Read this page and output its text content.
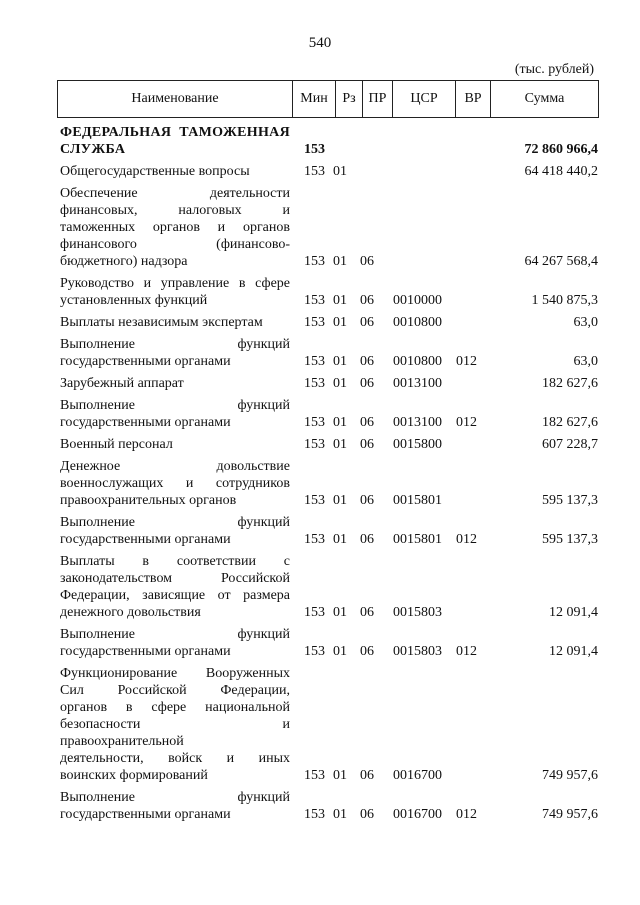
540
(тыс. рублей)
Наименование	Мин	Рз ПР	ЦСР	ВР	Сумма
ФЕДЕРАЛЬНАЯ ТАМОЖЕННАЯ
СЛУЖБА	153	72 860 966,4
Общегосударственные вопросы	153 01	64 418 440,2
Обеспечение деятельности
финансовых, налоговых и
таможенных органов и органов
финансового (финансово-
бюджетного) надзора	153 01 06	64 267 568,4
Руководство и управление в сфере
установленных функций	153 01 06	0010000	1 540 875,3
Выплаты независимым экспертам	153 01 06	0010800	63,0
Выполнение функций
государственными органами	153 01 06	0010800	012	63,0
Зарубежный аппарат	153 01 06	0013100	182 627,6
Выполнение функций
государственными органами	153 01 06	0013100	012	182 627,6
Военный персонал	153 01 06	0015800	607 228,7
Денежное довольствие
военнослужащих и сотрудников
правоохранительных органов	153 01 06	0015801	595 137,3
Выполнение функций
государственными органами	153 01 06	0015801	012	595 137,3
Выплаты в соответствии с
законодательством Российской
Федерации, зависящие от размера
денежного довольствия	153 01 06	0015803	12 091,4
Выполнение функций
государственными органами	153 01 06	0015803	012	12 091,4
Функционирование Вооруженных
Сил Российской Федерации,
органов в сфере национальной
безопасности и
правоохранительной
деятельности, войск и иных
воинских формирований	153 01 06	0016700	749 957,6
Выполнение функций
государственными органами	153 01 06	0016700	012	749 957,6
